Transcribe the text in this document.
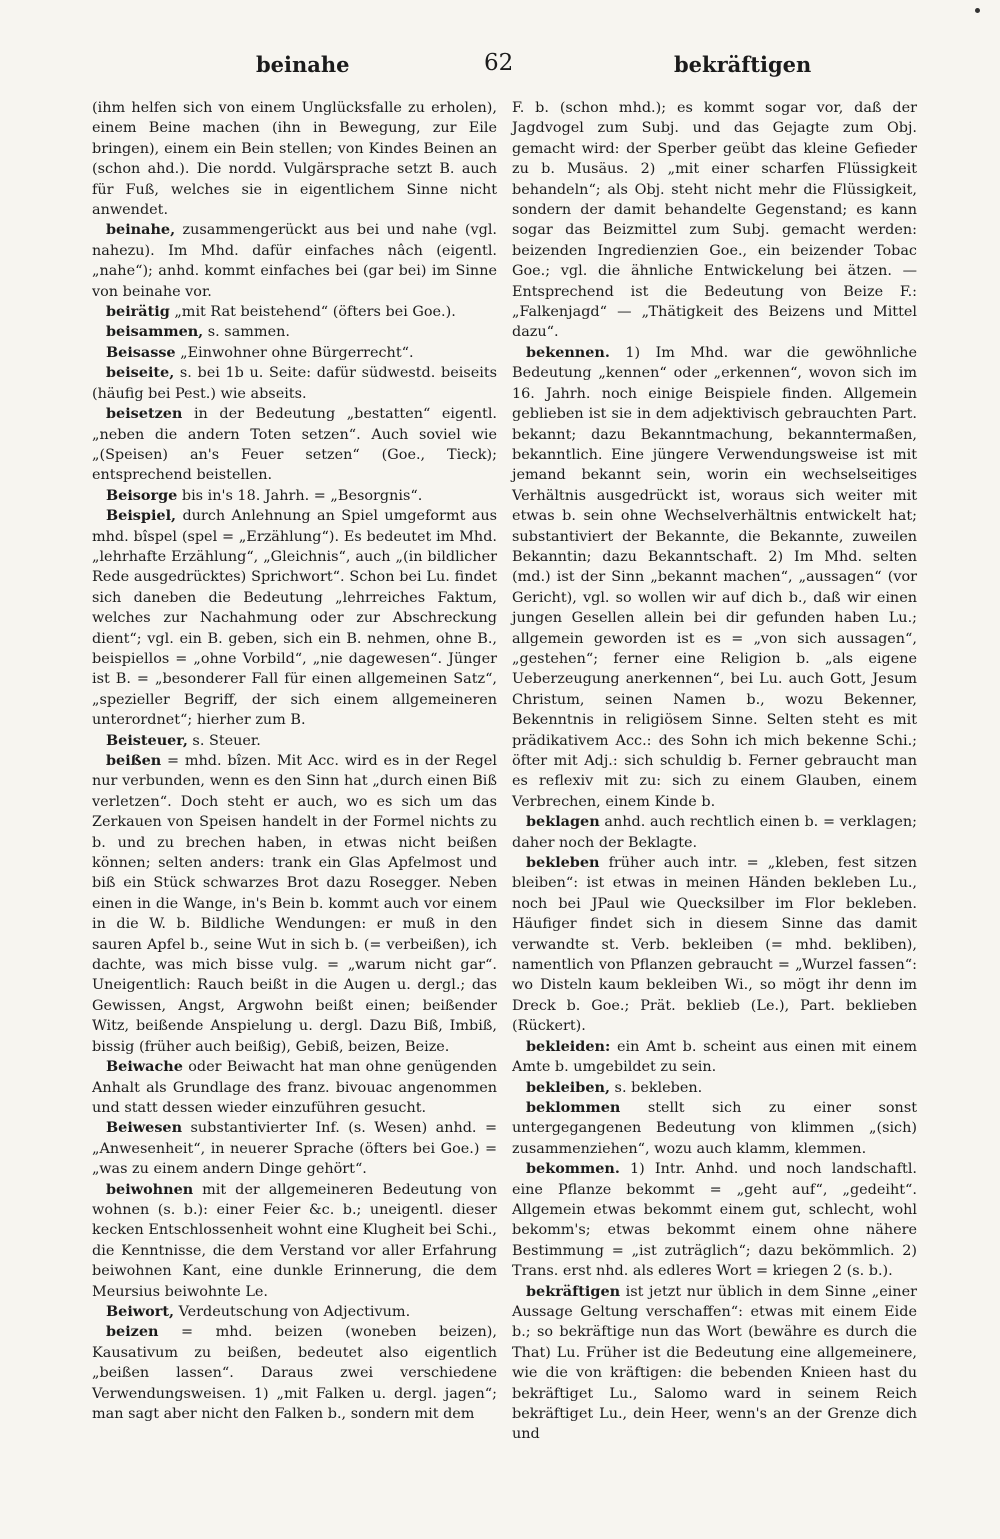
beinahe	62	bekräftigen

(ihm helfen sich von einem Unglücksfalle zu erholen), einem Beine machen (ihn in Bewegung, zur Eile bringen), einem ein Bein stellen; von Kindes Beinen an (schon ahd.). Die nordd. Vulgärsprache setzt B. auch für Fuß, welches sie in eigentlichem Sinne nicht anwendet.

beinahe, zusammengerückt aus bei und nahe (vgl. nahezu). Im Mhd. dafür einfaches nâch (eigentl. „nahe“); anhd. kommt einfaches bei (gar bei) im Sinne von beinahe vor.

beirätig „mit Rat beistehend“ (öfters bei Goe.).

beisammen, s. sammen.

Beisasse „Einwohner ohne Bürgerrecht“.

beiseite, s. bei 1b u. Seite: dafür südwestd. beiseits (häufig bei Pest.) wie abseits.

beisetzen in der Bedeutung „bestatten“ eigentl. „neben die andern Toten setzen“. Auch soviel wie „(Speisen) an's Feuer setzen“ (Goe., Tieck); entsprechend beistellen.

Beisorge bis in's 18. Jahrh. = „Besorgnis“.

Beispiel, durch Anlehnung an Spiel umgeformt aus mhd. bîspel (spel = „Erzählung“). Es bedeutet im Mhd. „lehrhafte Erzählung“, „Gleichnis“, auch „(in bildlicher Rede ausgedrücktes) Sprichwort“. Schon bei Lu. findet sich daneben die Bedeutung „lehrreiches Faktum, welches zur Nachahmung oder zur Abschreckung dient“; vgl. ein B. geben, sich ein B. nehmen, ohne B., beispiellos = „ohne Vorbild“, „nie dagewesen“. Jünger ist B. = „besonderer Fall für einen allgemeinen Satz“, „spezieller Begriff, der sich einem allgemeineren unterordnet“; hierher zum B.

Beisteuer, s. Steuer.

beißen = mhd. bîzen. Mit Acc. wird es in der Regel nur verbunden, wenn es den Sinn hat „durch einen Biß verletzen“. Doch steht er auch, wo es sich um das Zerkauen von Speisen handelt in der Formel nichts zu b. und zu brechen haben, in etwas nicht beißen können; selten anders: trank ein Glas Apfelmost und biß ein Stück schwarzes Brot dazu Rosegger. Neben einen in die Wange, in's Bein b. kommt auch vor einem in die W. b. Bildliche Wendungen: er muß in den sauren Apfel b., seine Wut in sich b. (= verbeißen), ich dachte, was mich bisse vulg. = „warum nicht gar“. Uneigentlich: Rauch beißt in die Augen u. dergl.; das Gewissen, Angst, Argwohn beißt einen; beißender Witz, beißende Anspielung u. dergl. Dazu Biß, Imbiß, bissig (früher auch beißig), Gebiß, beizen, Beize.

Beiwache oder Beiwacht hat man ohne genügenden Anhalt als Grundlage des franz. bivouac angenommen und statt dessen wieder einzuführen gesucht.

Beiwesen substantivierter Inf. (s. Wesen) anhd. = „Anwesenheit“, in neuerer Sprache (öfters bei Goe.) = „was zu einem andern Dinge gehört“.

beiwohnen mit der allgemeineren Bedeutung von wohnen (s. b.): einer Feier &c. b.; uneigentl. dieser kecken Entschlossenheit wohnt eine Klugheit bei Schi., die Kenntnisse, die dem Verstand vor aller Erfahrung beiwohnen Kant, eine dunkle Erinnerung, die dem Meursius beiwohnte Le.

Beiwort, Verdeutschung von Adjectivum.

beizen = mhd. beizen (woneben beizen), Kausativum zu beißen, bedeutet also eigentlich „beißen lassen“. Daraus zwei verschiedene Verwendungsweisen. 1) „mit Falken u. dergl. jagen“; man sagt aber nicht den Falken b., sondern mit dem

F. b. (schon mhd.); es kommt sogar vor, daß der Jagdvogel zum Subj. und das Gejagte zum Obj. gemacht wird: der Sperber geübt das kleine Gefieder zu b. Musäus. 2) „mit einer scharfen Flüssigkeit behandeln“; als Obj. steht nicht mehr die Flüssigkeit, sondern der damit behandelte Gegenstand; es kann sogar das Beizmittel zum Subj. gemacht werden: beizenden Ingredienzien Goe., ein beizender Tobac Goe.; vgl. die ähnliche Entwickelung bei ätzen. — Entsprechend ist die Bedeutung von Beize F.: „Falkenjagd“ — „Thätigkeit des Beizens und Mittel dazu“.

bekennen. 1) Im Mhd. war die gewöhnliche Bedeutung „kennen“ oder „erkennen“, wovon sich im 16. Jahrh. noch einige Beispiele finden. Allgemein geblieben ist sie in dem adjektivisch gebrauchten Part. bekannt; dazu Bekanntmachung, bekanntermaßen, bekanntlich. Eine jüngere Verwendungsweise ist mit jemand bekannt sein, worin ein wechselseitiges Verhältnis ausgedrückt ist, woraus sich weiter mit etwas b. sein ohne Wechselverhältnis entwickelt hat; substantiviert der Bekannte, die Bekannte, zuweilen Bekanntin; dazu Bekanntschaft. 2) Im Mhd. selten (md.) ist der Sinn „bekannt machen“, „aussagen“ (vor Gericht), vgl. so wollen wir auf dich b., daß wir einen jungen Gesellen allein bei dir gefunden haben Lu.; allgemein geworden ist es = „von sich aussagen“, „gestehen“; ferner eine Religion b. „als eigene Ueberzeugung anerkennen“, bei Lu. auch Gott, Jesum Christum, seinen Namen b., wozu Bekenner, Bekenntnis in religiösem Sinne. Selten steht es mit prädikativem Acc.: des Sohn ich mich bekenne Schi.; öfter mit Adj.: sich schuldig b. Ferner gebraucht man es reflexiv mit zu: sich zu einem Glauben, einem Verbrechen, einem Kinde b.

beklagen anhd. auch rechtlich einen b. = verklagen; daher noch der Beklagte.

bekleben früher auch intr. = „kleben, fest sitzen bleiben“: ist etwas in meinen Händen bekleben Lu., noch bei JPaul wie Quecksilber im Flor bekleben. Häufiger findet sich in diesem Sinne das damit verwandte st. Verb. bekleiben (= mhd. bekliben), namentlich von Pflanzen gebraucht = „Wurzel fassen“: wo Disteln kaum bekleiben Wi., so mögt ihr denn im Dreck b. Goe.; Prät. beklieb (Le.), Part. beklieben (Rückert).

bekleiden: ein Amt b. scheint aus einen mit einem Amte b. umgebildet zu sein.

bekleiben, s. bekleben.

beklommen stellt sich zu einer sonst untergegangenen Bedeutung von klimmen „(sich) zusammenziehen“, wozu auch klamm, klemmen.

bekommen. 1) Intr. Anhd. und noch landschaftl. eine Pflanze bekommt = „geht auf“, „gedeiht“. Allgemein etwas bekommt einem gut, schlecht, wohl bekomm's; etwas bekommt einem ohne nähere Bestimmung = „ist zuträglich“; dazu bekömmlich. 2) Trans. erst nhd. als edleres Wort = kriegen 2 (s. b.).

bekräftigen ist jetzt nur üblich in dem Sinne „einer Aussage Geltung verschaffen“: etwas mit einem Eide b.; so bekräftige nun das Wort (bewähre es durch die That) Lu. Früher ist die Bedeutung eine allgemeinere, wie die von kräftigen: die bebenden Knieen hast du bekräftiget Lu., Salomo ward in seinem Reich bekräftiget Lu., dein Heer, wenn's an der Grenze dich und
